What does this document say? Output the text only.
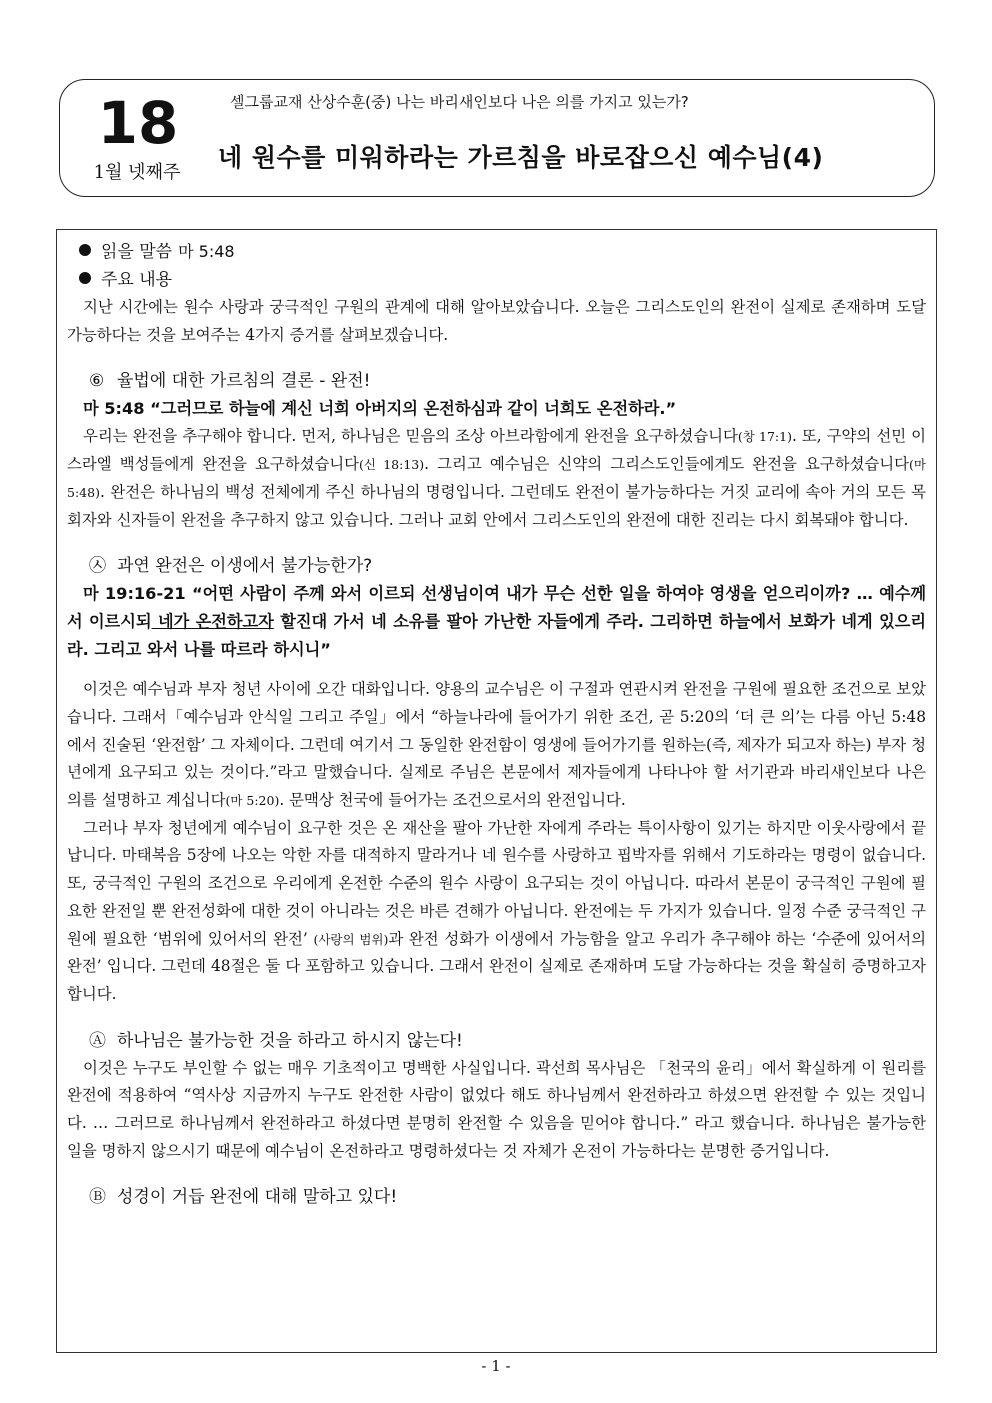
18
1월 넷째주
셀그룹교재 산상수훈(중) 나는 바리새인보다 나은 의를 가지고 있는가?
네 원수를 미워하라는 가르침을 바로잡으신 예수님(4)
읽을 말씀 마 5:48
주요 내용

지난 시간에는 원수 사랑과 궁극적인 구원의 관계에 대해 알아보았습니다. 오늘은 그리스도인의 완전이 실제로 존재하며 도달 가능하다는 것을 보여주는 4가지 증거를 살펴보겠습니다.

⑥ 율법에 대한 가르침의 결론 - 완전!

마 5:48 “그러므로 하늘에 계신 너희 아버지의 온전하심과 같이 너희도 온전하라.”

우리는 완전을 추구해야 합니다. 먼저, 하나님은 믿음의 조상 아브라함에게 완전을 요구하셨습니다(창 17:1). 또, 구약의 선민 이스라엘 백성들에게 완전을 요구하셨습니다(신 18:13). 그리고 예수님은 신약의 그리스도인들에게도 완전을 요구하셨습니다(마 5:48). 완전은 하나님의 백성 전체에게 주신 하나님의 명령입니다. 그런데도 완전이 불가능하다는 거짓 교리에 속아 거의 모든 목회자와 신자들이 완전을 추구하지 않고 있습니다. 그러나 교회 안에서 그리스도인의 완전에 대한 진리는 다시 회복돼야 합니다.

㉦ 과연 완전은 이생에서 불가능한가?

마 19:16-21 “어떤 사람이 주께 와서 이르되 선생님이여 내가 무슨 선한 일을 하여야 영생을 얻으리이까? … 예수께서 이르시되 네가 온전하고자 할진대 가서 네 소유를 팔아 가난한 자들에게 주라. 그리하면 하늘에서 보화가 네게 있으리라. 그리고 와서 나를 따르라 하시니”

이것은 예수님과 부자 청년 사이에 오간 대화입니다. 양용의 교수님은 이 구절과 연관시켜 완전을 구원에 필요한 조건으로 보았습니다. 그래서「예수님과 안식일 그리고 주일」에서 “하늘나라에 들어가기 위한 조건, 곧 5:20의 ‘더 큰 의’는 다름 아닌 5:48에서 진술된 ‘완전함’ 그 자체이다. 그런데 여기서 그 동일한 완전함이 영생에 들어가기를 원하는(즉, 제자가 되고자 하는) 부자 청년에게 요구되고 있는 것이다.”라고 말했습니다. 실제로 주님은 본문에서 제자들에게 나타나야 할 서기관과 바리새인보다 나은 의를 설명하고 계십니다(마 5:20). 문맥상 천국에 들어가는 조건으로서의 완전입니다.

그러나 부자 청년에게 예수님이 요구한 것은 온 재산을 팔아 가난한 자에게 주라는 특이사항이 있기는 하지만 이웃사랑에서 끝납니다. 마태복음 5장에 나오는 악한 자를 대적하지 말라거나 네 원수를 사랑하고 핍박자를 위해서 기도하라는 명령이 없습니다. 또, 궁극적인 구원의 조건으로 우리에게 온전한 수준의 원수 사랑이 요구되는 것이 아닙니다. 따라서 본문이 궁극적인 구원에 필요한 완전일 뿐 완전성화에 대한 것이 아니라는 것은 바른 견해가 아닙니다. 완전에는 두 가지가 있습니다. 일정 수준 궁극적인 구원에 필요한 ‘범위에 있어서의 완전’ (사랑의 범위)과 완전 성화가 이생에서 가능함을 알고 우리가 추구해야 하는 ‘수준에 있어서의 완전’ 입니다. 그런데 48절은 둘 다 포함하고 있습니다. 그래서 완전이 실제로 존재하며 도달 가능하다는 것을 확실히 증명하고자 합니다.

Ⓐ 하나님은 불가능한 것을 하라고 하시지 않는다!

이것은 누구도 부인할 수 없는 매우 기초적이고 명백한 사실입니다. 곽선희 목사님은 「천국의 윤리」에서 확실하게 이 원리를 완전에 적용하여 “역사상 지금까지 누구도 완전한 사람이 없었다 해도 하나님께서 완전하라고 하셨으면 완전할 수 있는 것입니다. … 그러므로 하나님께서 완전하라고 하셨다면 분명히 완전할 수 있음을 믿어야 합니다.” 라고 했습니다. 하나님은 불가능한 일을 명하지 않으시기 때문에 예수님이 온전하라고 명령하셨다는 것 자체가 온전이 가능하다는 분명한 증거입니다.

Ⓑ 성경이 거듭 완전에 대해 말하고 있다!
- 1 -
